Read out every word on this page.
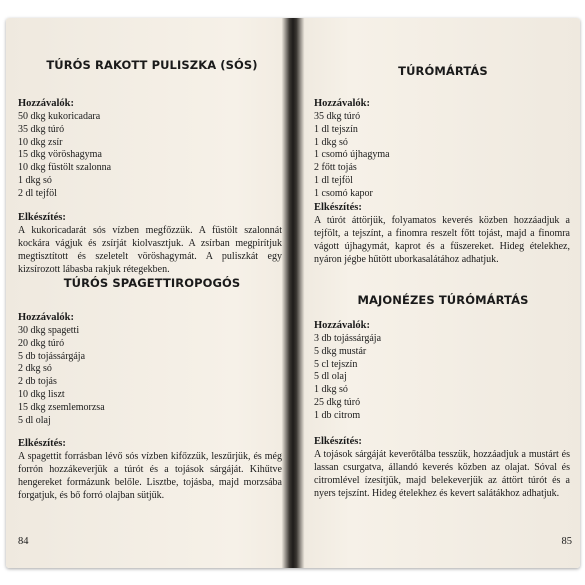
TÚRÓS RAKOTT PULISZKA (SÓS)
Hozzávalók:
50 dkg kukoricadara
35 dkg túró
10 dkg zsír
15 dkg vöröshagyma
10 dkg füstölt szalonna
1 dkg só
2 dl tejföl
Elkészítés:

A kukoricadarát sós vízben megfőzzük. A füstölt szalonnát kockára vágjuk és zsírját kiolvasztjuk. A zsírban megpirítjuk megtisztított és szeletelt vöröshagymát. A puliszkát egy kizsírozott lábasba rakjuk rétegekben.

TÚRÓS SPAGETTIROPOGÓS
Hozzávalók:
30 dkg spagetti
20 dkg túró
5 db tojássárgája
2 dkg só
2 db tojás
10 dkg liszt
15 dkg zsemlemorzsa
5 dl olaj
Elkészítés:

A spagettit forrásban lévő sós vízben kifőzzük, leszűrjük, és még forrón hozzákeverjük a túrót és a tojások sárgáját. Kihűtve hengereket formázunk belőle. Lisztbe, tojásba, majd morzsába forgatjuk, és bő forró olajban sütjük.

84
TÚRÓMÁRTÁS
Hozzávalók:
35 dkg túró
1 dl tejszín
1 dkg só
1 csomó újhagyma
2 főtt tojás
1 dl tejföl
1 csomó kapor
Elkészítés:

A túrót áttörjük, folyamatos keverés közben hozzáadjuk a tejfölt, a tejszínt, a finomra reszelt főtt tojást, majd a finomra vágott újhagymát, kaprot és a fűszereket. Hideg ételekhez, nyáron jégbe hűtött uborkasalátához adhatjuk.

MAJONÉZES TÚRÓMÁRTÁS
Hozzávalók:
3 db tojássárgája
5 dkg mustár
5 cl tejszín
5 dl olaj
1 dkg só
25 dkg túró
1 db citrom
Elkészítés:

A tojások sárgáját keverőtálba tesszük, hozzáadjuk a mustárt és lassan csurgatva, állandó keverés közben az olajat. Sóval és citromlével ízesítjük, majd belekeverjük az áttört túrót és a nyers tejszínt. Hideg ételekhez és kevert salátákhoz adhatjuk.

85
